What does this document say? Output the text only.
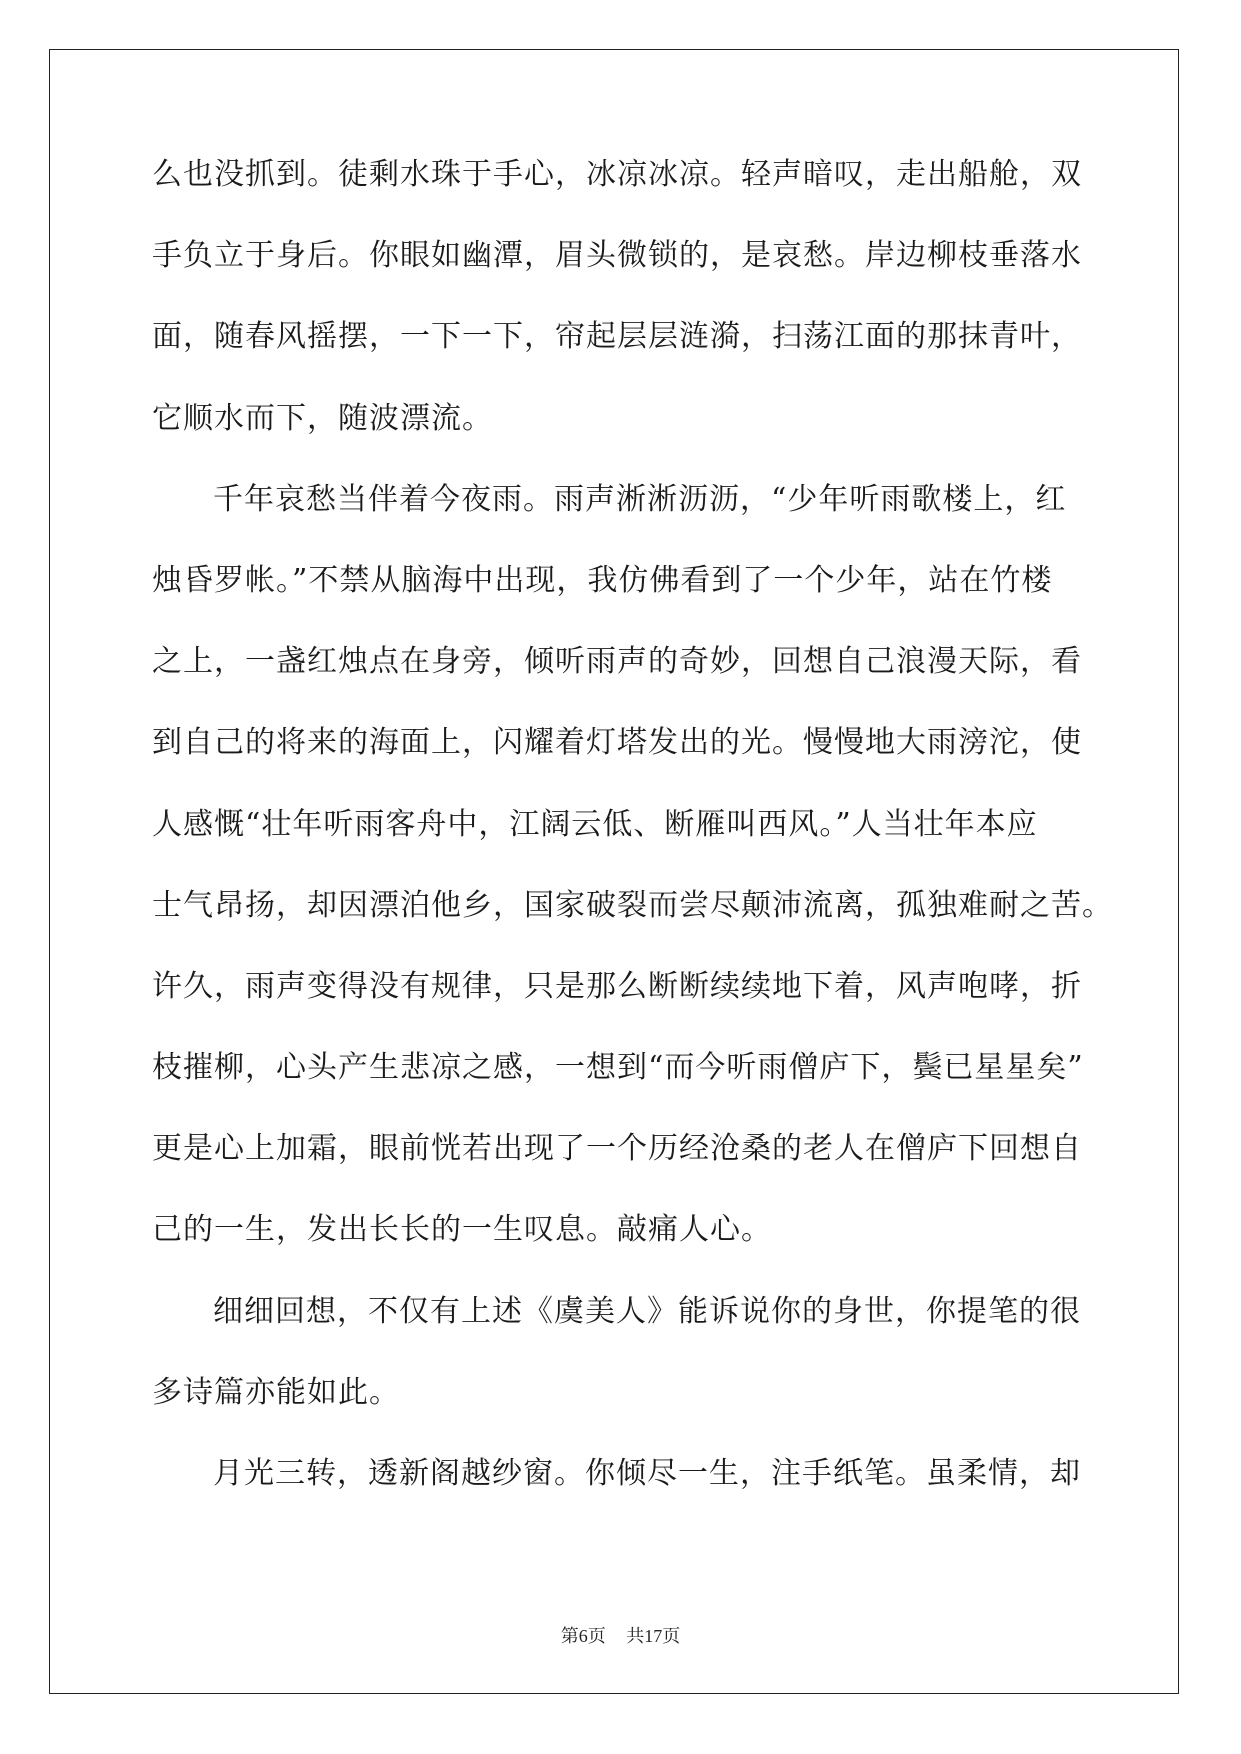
么也没抓到。徒剩水珠于手心，冰凉冰凉。轻声暗叹，走出船舱，双
手负立于身后。你眼如幽潭，眉头微锁的，是哀愁。岸边柳枝垂落水
面，随春风摇摆，一下一下，帘起层层涟漪，扫荡江面的那抹青叶，
它顺水而下，随波漂流。
千年哀愁当伴着今夜雨。雨声淅淅沥沥，“少年听雨歌楼上，红
烛昏罗帐。”不禁从脑海中出现，我仿佛看到了一个少年，站在竹楼
之上，一盏红烛点在身旁，倾听雨声的奇妙，回想自己浪漫天际，看
到自己的将来的海面上，闪耀着灯塔发出的光。慢慢地大雨滂沱，使
人感慨“壮年听雨客舟中，江阔云低、断雁叫西风。”人当壮年本应
士气昂扬，却因漂泊他乡，国家破裂而尝尽颠沛流离，孤独难耐之苦。
许久，雨声变得没有规律，只是那么断断续续地下着，风声咆哮，折
枝摧柳，心头产生悲凉之感，一想到“而今听雨僧庐下，鬓已星星矣”
更是心上加霜，眼前恍若出现了一个历经沧桑的老人在僧庐下回想自
己的一生，发出长长的一生叹息。敲痛人心。
细细回想，不仅有上述《虞美人》能诉说你的身世，你提笔的很
多诗篇亦能如此。
月光三转，透新阁越纱窗。你倾尽一生，注手纸笔。虽柔情，却
第6页 共17页
